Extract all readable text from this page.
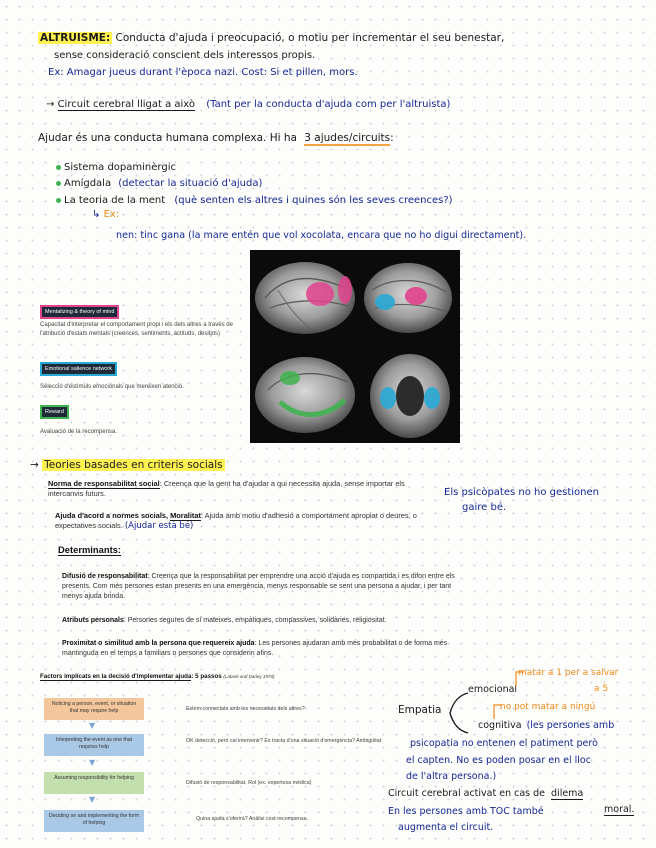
ALTRUISME: Conducta d'ajuda i preocupació, o motiu per incrementar el seu benestar,
sense consideració conscient dels interessos propis.
Ex: Amagar jueus durant l'època nazi. Cost: Si et pillen, mors.
→ Circuit cerebral lligat a això (Tant per la conducta d'ajuda com per l'altruista)
Ajudar és una conducta humana complexa. Hi ha 3 ajudes/circuits:
Sistema dopaminèrgic
Amígdala (detectar la situació d'ajuda)
La teoria de la ment (què senten els altres i quines són les seves creences?)
↳ Ex:
nen: tinc gana (la mare entén que vol xocolata, encara que no ho digui directament).
Mentalizing & theory of mind
Capacitat d'interpretar el comportament propi i els dels altres a través de l'atribució d'estats mentals (creences, sentiments, actituds, desitjos)
Emotional salience network
Selecció d'estímuls emocionals que mereixen atenció.
Reward
Avaluació de la recompensa.
→ Teories basades en criteris socials
Norma de responsabilitat social: Creença que la gent ha d'ajudar a qui necessita ajuda, sense importar els intercanvis futurs.
Ajuda d'acord a normes socials, Moralitat: Ajuda amb motiu d'adhesió a comportament apropiat o deures, o expectatives socials. (Ajudar està bé)
Els psicòpates no ho gestionen
gaire bé.
Determinants:
Difusió de responsabilitat: Creença que la responsabilitat per emprendre una acció d'ajuda es compartida i es difon entre els presents. Com més persones estan presents en una emergència, menys responsable se sent una persona a ajudar, i per tant menys ajuda brinda.
Atributs personals: Persones segures de sí mateixes, empàtiques, compassives, solidàries, religiositat.
Proximitat o similitud amb la persona que requereix ajuda: Les persones ajudaran amb més probabilitat o de forma més mantinguda en el temps a familiars o persones que considerin afins.
Factors implicats en la decisió d'implementar ajuda: 5 passos (Latané and Darley 1970)
Noticing a person, event, or situation that may require help	Estem connectats amb les necessitats dels altres?
▼
Interpreting the event as one that requires help
OK detecció, però cal intervenir? Es tracta d'una situació d'emergència? Ambigüitat
▼
Assuming responsibility for helping
Difusió de responsabilitat. Rol (ex. expertesa mèdica)
▼
Deciding on and implementing the form of helping
Quina ajuda s'oferirà? Anàlisi cost-recompensa.
Empatia
emocional
matar a 1 per a salvar
a 5
no pot matar a ningú
cognitiva (les persones amb
psicopatia no entenen el patiment però
el capten. No es poden posar en el lloc
de l'altra persona.)
Circuit cerebral activat en cas de dilema
moral.
En les persones amb TOC també
augmenta el circuit.
